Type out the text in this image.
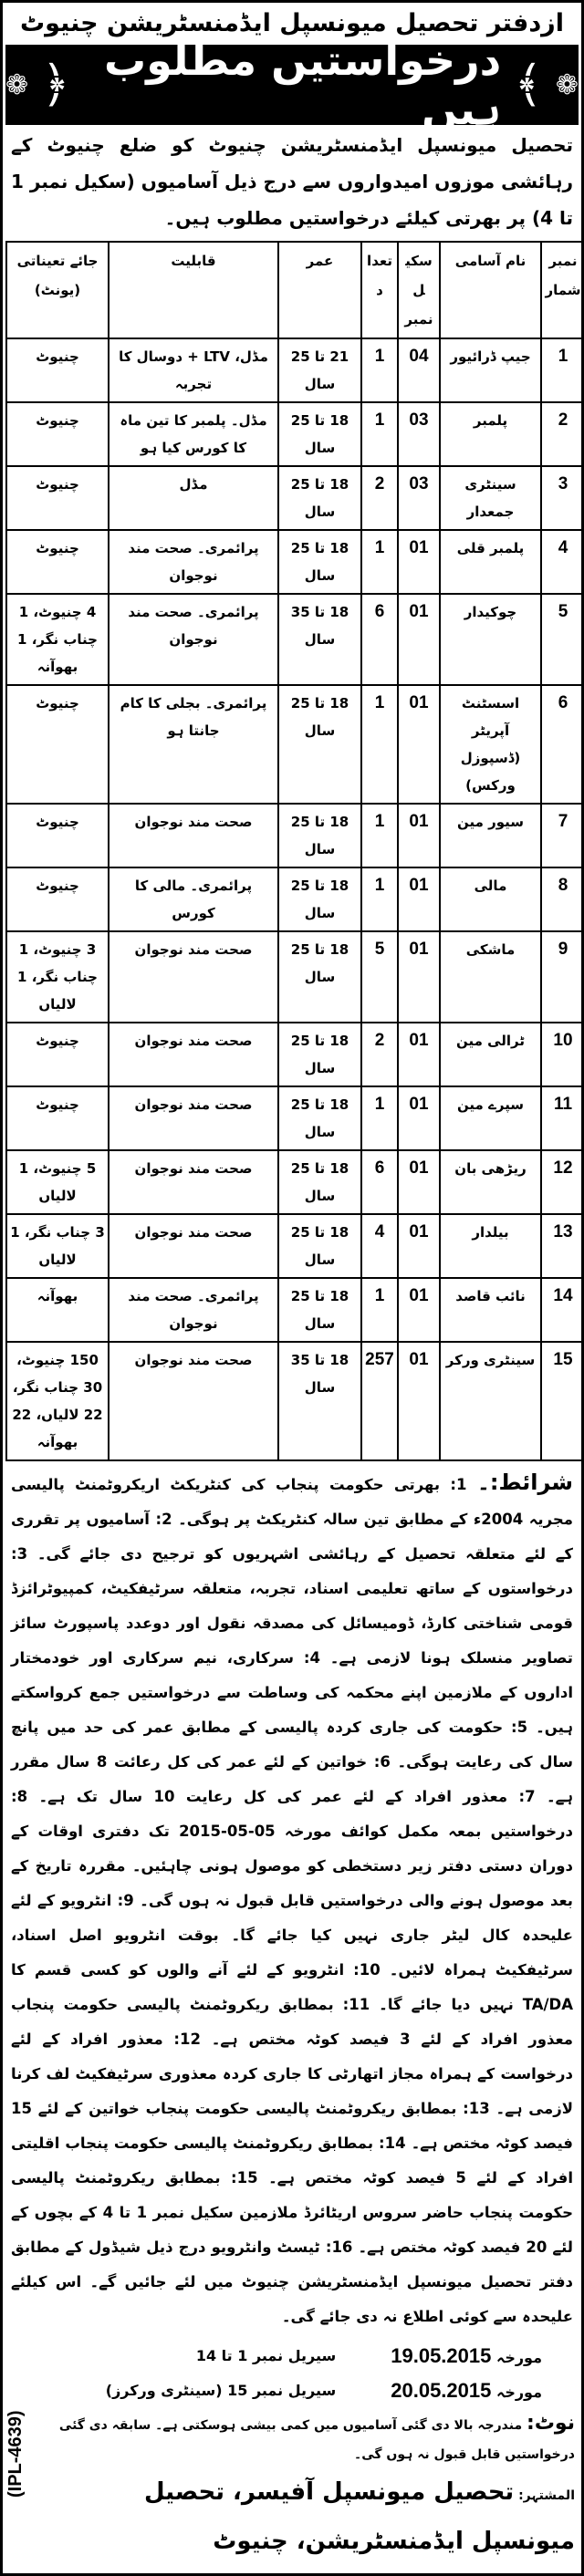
ازدفتر تحصیل میونسپل ایڈمنسٹریشن چنیوٹ
❁
﴾
درخواستیں مطلوب ہیں
﴿
❁
تحصیل میونسپل ایڈمنسٹریشن چنیوٹ کو ضلع چنیوٹ کے رہائشی موزوں امیدواروں سے درج ذیل آسامیوں (سکیل نمبر 1 تا 4) پر بھرتی کیلئے درخواستیں مطلوب ہیں۔
نمبر شمار	نام آسامی	سکیل نمبر	تعداد	عمر	قابلیت	جائے تعیناتی (یونٹ)
1	جیپ ڈرائیور	04	1	21 تا 25 سال	مڈل، LTV + دوسال کا تجربہ	چنیوٹ
2	پلمبر	03	1	18 تا 25 سال	مڈل۔ پلمبر کا تین ماہ کا کورس کیا ہو	چنیوٹ
3	سینٹری جمعدار	03	2	18 تا 25 سال	مڈل	چنیوٹ
4	پلمبر قلی	01	1	18 تا 25 سال	پرائمری۔ صحت مند نوجوان	چنیوٹ
5	چوکیدار	01	6	18 تا 35 سال	پرائمری۔ صحت مند نوجوان	4 چنیوٹ، 1 چناب نگر، 1 بھوآنہ
6	اسسٹنٹ آپریٹر (ڈسپوزل ورکس)	01	1	18 تا 25 سال	پرائمری۔ بجلی کا کام جانتا ہو	چنیوٹ
7	سیور مین	01	1	18 تا 25 سال	صحت مند نوجوان	چنیوٹ
8	مالی	01	1	18 تا 25 سال	پرائمری۔ مالی کا کورس	چنیوٹ
9	ماشکی	01	5	18 تا 25 سال	صحت مند نوجوان	3 چنیوٹ، 1 چناب نگر، 1 لالیاں
10	ٹرالی مین	01	2	18 تا 25 سال	صحت مند نوجوان	چنیوٹ
11	سپرے مین	01	1	18 تا 25 سال	صحت مند نوجوان	چنیوٹ
12	ریڑھی بان	01	6	18 تا 25 سال	صحت مند نوجوان	5 چنیوٹ، 1 لالیاں
13	بیلدار	01	4	18 تا 25 سال	صحت مند نوجوان	3 چناب نگر، 1 لالیاں
14	نائب قاصد	01	1	18 تا 25 سال	پرائمری۔ صحت مند نوجوان	بھوآنہ
15	سینٹری ورکر	01	257	18 تا 35 سال	صحت مند نوجوان	150 چنیوٹ، 30 چناب نگر، 22 لالیاں، 22 بھوآنہ
شرائط:۔ 1: بھرتی حکومت پنجاب کی کنٹریکٹ اریکروٹمنٹ پالیسی مجریہ 2004ء کے مطابق تین سالہ کنٹریکٹ پر ہوگی۔ 2: آسامیوں پر تقرری کے لئے متعلقہ تحصیل کے رہائشی اشہریوں کو ترجیح دی جائے گی۔ 3: درخواستوں کے ساتھ تعلیمی اسناد، تجربہ، متعلقہ سرٹیفکیٹ، کمپیوٹرائزڈ قومی شناختی کارڈ، ڈومیسائل کی مصدقہ نقول اور دوعدد پاسپورٹ سائز تصاویر منسلک ہونا لازمی ہے۔ 4: سرکاری، نیم سرکاری اور خودمختار اداروں کے ملازمین اپنے محکمہ کی وساطت سے درخواستیں جمع کرواسکتے ہیں۔ 5: حکومت کی جاری کردہ پالیسی کے مطابق عمر کی حد میں پانچ سال کی رعایت ہوگی۔ 6: خواتین کے لئے عمر کی کل رعائت 8 سال مقرر ہے۔ 7: معذور افراد کے لئے عمر کی کل رعایت 10 سال تک ہے۔ 8: درخواستیں بمعہ مکمل کوائف مورخہ 05-05-2015 تک دفتری اوقات کے دوران دستی دفتر زیر دستخطی کو موصول ہونی چاہئیں۔ مقررہ تاریخ کے بعد موصول ہونے والی درخواستیں قابل قبول نہ ہوں گی۔ 9: انٹرویو کے لئے علیحدہ کال لیٹر جاری نہیں کیا جائے گا۔ بوقت انٹرویو اصل اسناد، سرٹیفکیٹ ہمراہ لائیں۔ 10: انٹرویو کے لئے آنے والوں کو کسی قسم کا TA/DA نہیں دیا جائے گا۔ 11: بمطابق ریکروٹمنٹ پالیسی حکومت پنجاب معذور افراد کے لئے 3 فیصد کوٹہ مختص ہے۔ 12: معذور افراد کے لئے درخواست کے ہمراہ مجاز اتھارٹی کا جاری کردہ معذوری سرٹیفکیٹ لف کرنا لازمی ہے۔ 13: بمطابق ریکروٹمنٹ پالیسی حکومت پنجاب خواتین کے لئے 15 فیصد کوٹہ مختص ہے۔ 14: بمطابق ریکروٹمنٹ پالیسی حکومت پنجاب اقلیتی افراد کے لئے 5 فیصد کوٹہ مختص ہے۔ 15: بمطابق ریکروٹمنٹ پالیسی حکومت پنجاب حاضر سروس اریٹائرڈ ملازمین سکیل نمبر 1 تا 4 کے بچوں کے لئے 20 فیصد کوٹہ مختص ہے۔ 16: ٹیسٹ وانٹرویو درج ذیل شیڈول کے مطابق دفتر تحصیل میونسپل ایڈمنسٹریشن چنیوٹ میں لئے جائیں گے۔ اس کیلئے علیحدہ سے کوئی اطلاع نہ دی جائے گی۔
(IPL-4639)
مورخہ 19.05.2015
سیریل نمبر 1 تا 14
مورخہ 20.05.2015
سیریل نمبر 15 (سینٹری ورکرز)
نوٹ: مندرجہ بالا دی گئی آسامیوں میں کمی بیشی ہوسکتی ہے۔ سابقہ دی گئی درخواستیں قابل قبول نہ ہوں گی۔
المشتہر: تحصیل میونسپل آفیسر، تحصیل میونسپل ایڈمنسٹریشن، چنیوٹ
